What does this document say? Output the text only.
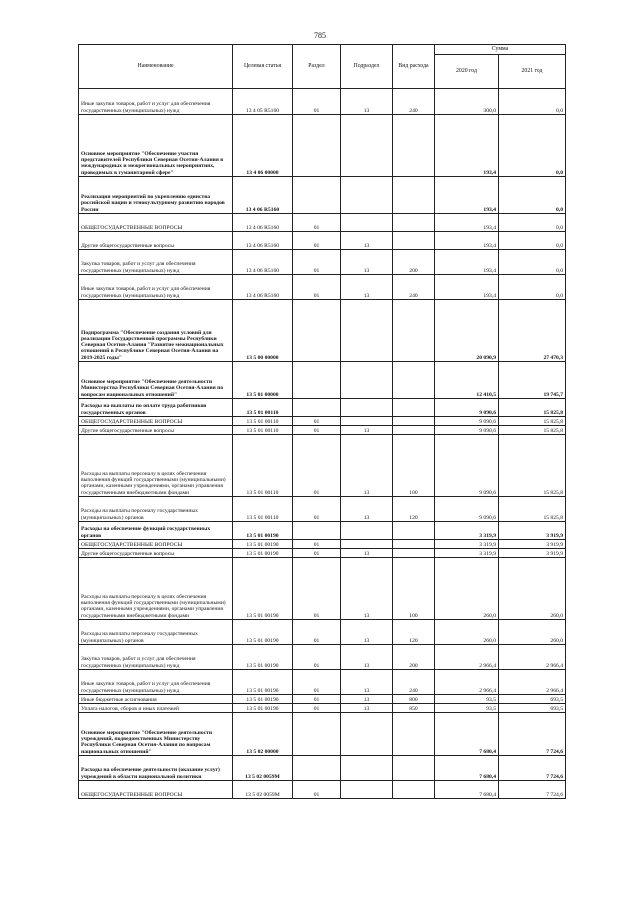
785
Наименование	Целевая статья	Раздел	Подраздел	Вид расхода	Сумма	
					2020 год	2021 год
Иные закупки товаров, работ и услуг для обеспечения государственных (муниципальных) нужд	13 4 05 R5160	01	13	240	300,0	0,0
Основное мероприятие "Обеспечение участия представителей Республики Северная Осетия-Алания в международных и межрегиональных мероприятиях, проводимых в гуманитарной сфере"	13 4 06 00000				193,4	0,0
Реализация мероприятий по укреплению единства российской нации и этнокультурному развитию народов России	13 4 06 R5160				193,4	0,0
ОБЩЕГОСУДАРСТВЕННЫЕ ВОПРОСЫ	13 4 06 R5160	01			193,4	0,0
Другие общегосударственные вопросы	13 4 06 R5160	01	13		193,4	0,0
Закупка товаров, работ и услуг для обеспечения государственных (муниципальных) нужд	13 4 06 R5160	01	13	200	193,4	0,0
Иные закупки товаров, работ и услуг для обеспечения государственных (муниципальных) нужд	13 4 06 R5160	01	13	240	193,4	0,0
Подпрограмма "Обеспечение создания условий для реализации Государственной программы Республики Северная Осетия-Алания "Развитие межнациональных отношений в Республике Северная Осетия-Алания на 2019-2025 годы"	13 5 00 00000				20 090,9	27 470,3
Основное мероприятие "Обеспечение деятельности Министерства Республики Северная Осетия-Алания по вопросам национальных отношений"	13 5 01 00000				12 410,5	19 745,7
Расходы на выплаты по оплате труда работников государственных органов	13 5 01 00110				9 090,6	15 825,8
ОБЩЕГОСУДАРСТВЕННЫЕ ВОПРОСЫ	13 5 01 00110	01			9 090,6	15 825,8
Другие общегосударственные вопросы	13 5 01 00110	01	13		9 090,6	15 825,8
Расходы на выплаты персоналу в целях обеспечения выполнения функций государственными (муниципальными) органами, казенными учреждениями, органами управления государственными внебюджетными фондами	13 5 01 00110	01	13	100	9 090,6	15 825,8
Расходы на выплаты персоналу государственных (муниципальных) органов	13 5 01 00110	01	13	120	9 090,6	15 825,8
Расходы на обеспечение функций государственных органов	13 5 01 00190				3 319,9	3 919,9
ОБЩЕГОСУДАРСТВЕННЫЕ ВОПРОСЫ	13 5 01 00190	01			3 319,9	3 919,9
Другие общегосударственные вопросы	13 5 01 00190	01	13		3 319,9	3 919,9
Расходы на выплаты персоналу в целях обеспечения выполнения функций государственными (муниципальными) органами, казенными учреждениями, органами управления государственными внебюджетными фондами	13 5 01 00190	01	13	100	260,0	260,0
Расходы на выплаты персоналу государственных (муниципальных) органов	13 5 01 00190	01	13	120	260,0	260,0
Закупка товаров, работ и услуг для обеспечения государственных (муниципальных) нужд	13 5 01 00190	01	13	200	2 966,4	2 966,4
Иные закупки товаров, работ и услуг для обеспечения государственных (муниципальных) нужд	13 5 01 00190	01	13	240	2 966,4	2 966,4
Иные бюджетные ассигнования	13 5 01 00190	01	13	800	93,5	693,5
Уплата налогов, сборов и иных платежей	13 5 01 00190	01	13	850	93,5	693,5
Основное мероприятие "Обеспечение деятельности учреждений, подведомственных Министерству Республики Северная Осетия-Алания по вопросам национальных отношений"	13 5 02 00000				7 680,4	7 724,6
Расходы на обеспечение деятельности (оказание услуг) учреждений в области национальной политики	13 5 02 0059М				7 680,4	7 724,6
ОБЩЕГОСУДАРСТВЕННЫЕ ВОПРОСЫ	13 5 02 0059М	01			7 680,4	7 724,6
